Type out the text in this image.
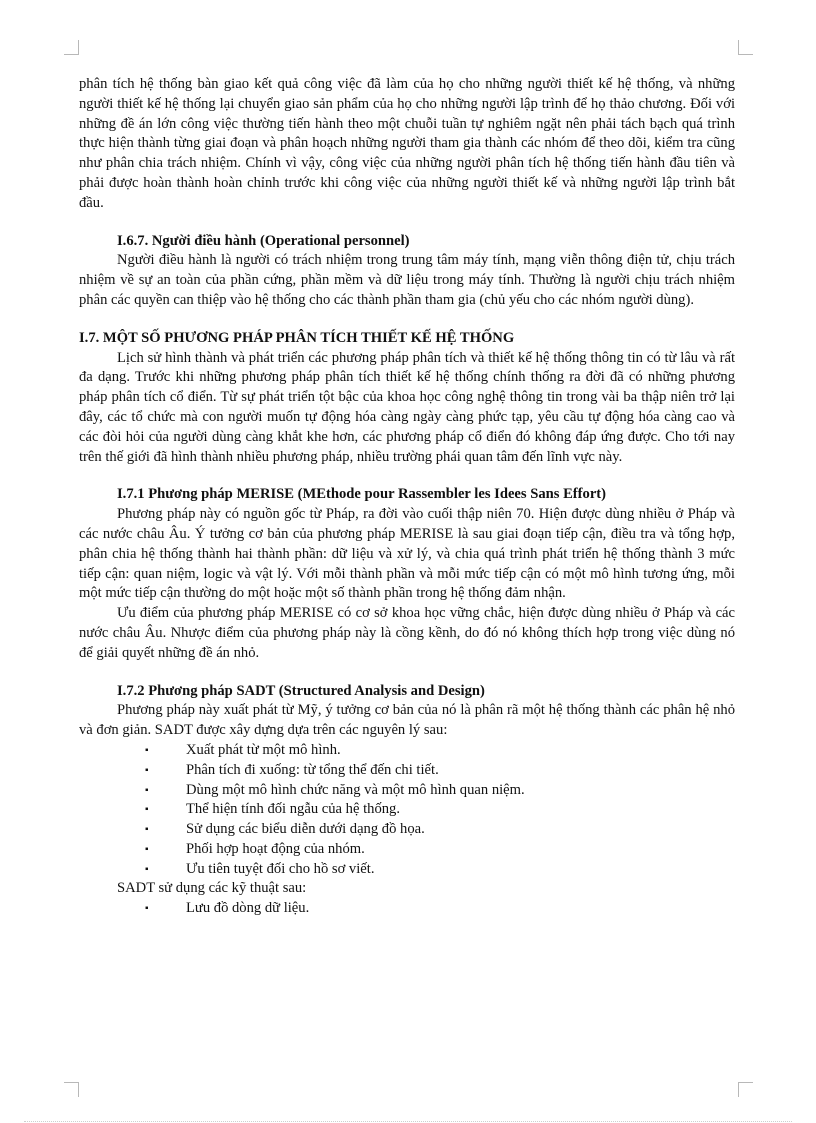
phân tích hệ thống bàn giao kết quả công việc đã làm của họ cho những người thiết kế hệ thống, và những người thiết kế hệ thống lại chuyển giao sản phẩm của họ cho những người lập trình để họ thảo chương. Đối với những đề án lớn công việc thường tiến hành theo một chuỗi tuần tự nghiêm ngặt nên phải tách bạch quá trình thực hiện thành từng giai đoạn và phân hoạch những người tham gia thành các nhóm để theo dõi, kiểm tra cũng như phân chia trách nhiệm. Chính vì vậy, công việc của những người phân tích hệ thống tiến hành đầu tiên và phải được hoàn thành hoàn chỉnh trước khi công việc của những người thiết kế và những người lập trình bắt đầu.

I.6.7. Người điều hành (Operational personnel)

Người điều hành là người có trách nhiệm trong trung tâm máy tính, mạng viễn thông điện tử, chịu trách nhiệm về sự an toàn của phần cứng, phần mềm và dữ liệu trong máy tính. Thường là người chịu trách nhiệm phân các quyền can thiệp vào hệ thống cho các thành phần tham gia (chủ yếu cho các nhóm người dùng).

I.7. MỘT SỐ PHƯƠNG PHÁP PHÂN TÍCH THIẾT KẾ HỆ THỐNG

Lịch sử hình thành và phát triển các phương pháp phân tích và thiết kế hệ thống thông tin có từ lâu và rất đa dạng. Trước khi những phương pháp phân tích thiết kế hệ thống chính thống ra đời đã có những phương pháp phân tích cổ điển. Từ sự phát triển tột bậc của khoa học công nghệ thông tin trong vài ba thập niên trở lại đây, các tổ chức mà con người muốn tự động hóa càng ngày càng phức tạp, yêu cầu tự động hóa càng cao và các đòi hỏi của người dùng càng khắt khe hơn, các phương pháp cổ điển đó không đáp ứng được. Cho tới nay trên thế giới đã hình thành nhiều phương pháp, nhiều trường phái quan tâm đến lĩnh vực này.

I.7.1 Phương pháp MERISE (MEthode pour Rassembler les Idees Sans Effort)

Phương pháp này có nguồn gốc từ Pháp, ra đời vào cuối thập niên 70. Hiện được dùng nhiều ở Pháp và các nước châu Âu. Ý tưởng cơ bản của phương pháp MERISE là sau giai đoạn tiếp cận, điều tra và tổng hợp, phân chia hệ thống thành hai thành phần: dữ liệu và xử lý, và chia quá trình phát triển hệ thống thành 3 mức tiếp cận: quan niệm, logic và vật lý. Với mỗi thành phần và mỗi mức tiếp cận có một mô hình tương ứng, mỗi một mức tiếp cận thường do một hoặc một số thành phần trong hệ thống đảm nhận.

Ưu điểm của phương pháp MERISE có cơ sở khoa học vững chắc, hiện được dùng nhiều ở Pháp và các nước châu Âu. Nhược điểm của phương pháp này là cồng kềnh, do đó nó không thích hợp trong việc dùng nó để giải quyết những đề án nhỏ.

I.7.2 Phương pháp SADT (Structured Analysis and Design)

Phương pháp này xuất phát từ Mỹ, ý tưởng cơ bản của nó là phân rã một hệ thống thành các phân hệ nhỏ và đơn giản. SADT được xây dựng dựa trên các nguyên lý sau:

▪	Xuất phát từ một mô hình.
▪	Phân tích đi xuống: từ tổng thể đến chi tiết.
▪	Dùng một mô hình chức năng và một mô hình quan niệm.
▪	Thể hiện tính đối ngẫu của hệ thống.
▪	Sử dụng các biểu diễn dưới dạng đồ họa.
▪	Phối hợp hoạt động của nhóm.
▪	Ưu tiên tuyệt đối cho hồ sơ viết.

SADT sử dụng các kỹ thuật sau:

▪	Lưu đồ dòng dữ liệu.
